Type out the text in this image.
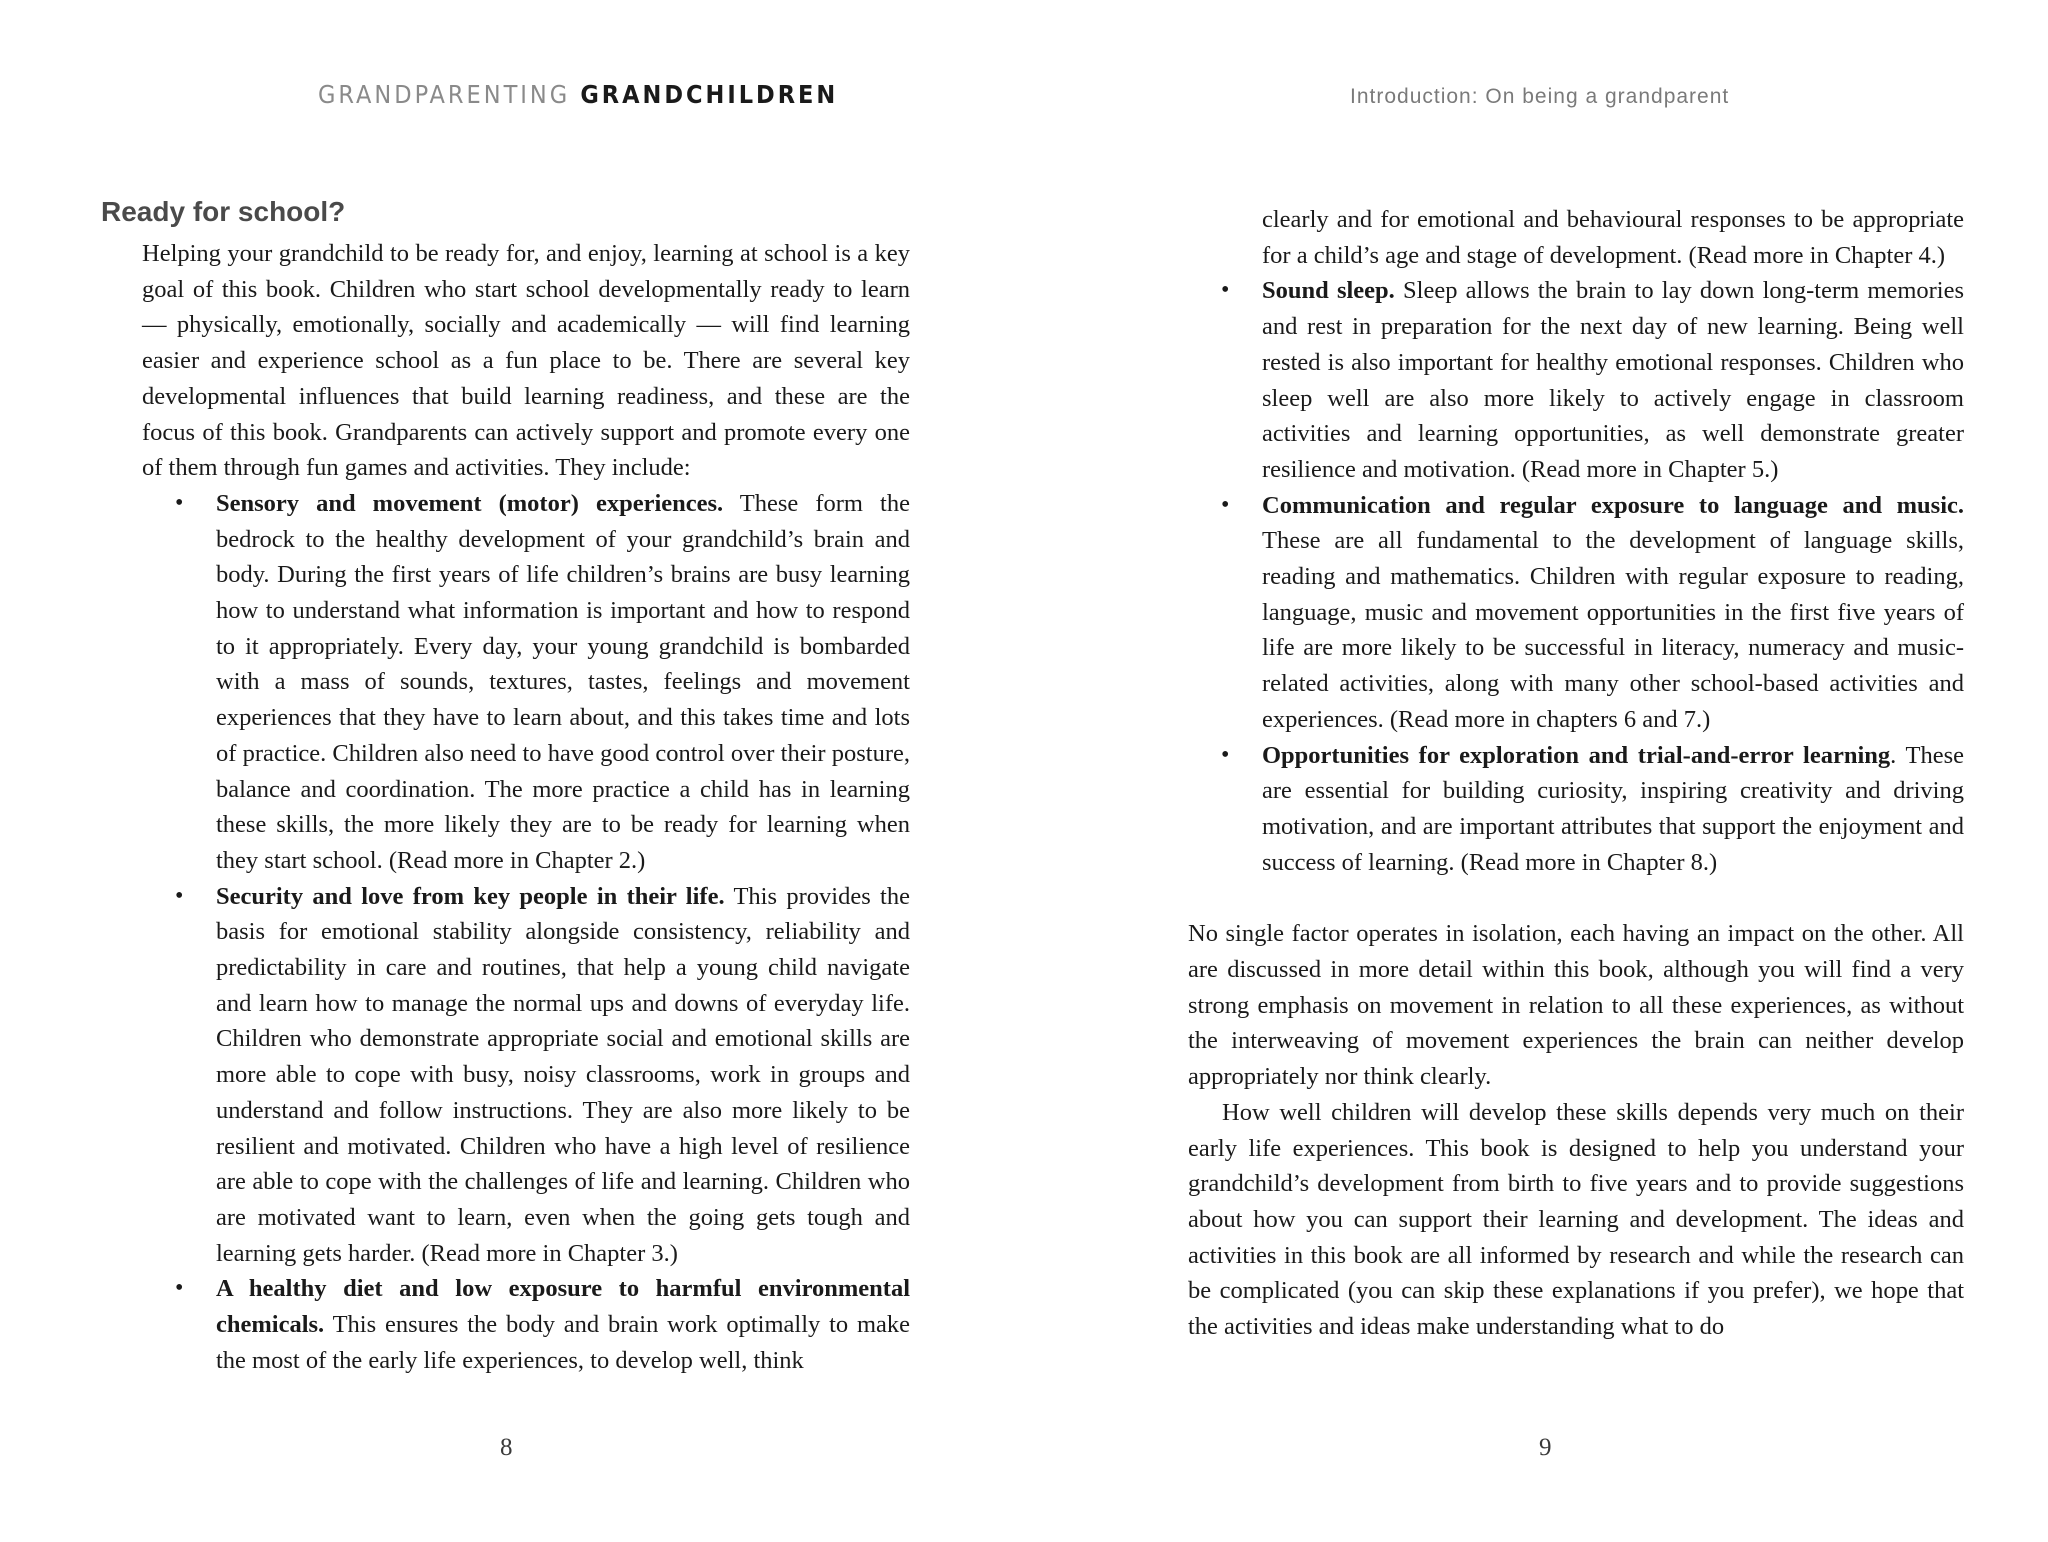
GRANDPARENTING GRANDCHILDREN
Ready for school?

Helping your grandchild to be ready for, and enjoy, learning at school is a key goal of this book. Children who start school developmentally ready to learn — physically, emotionally, socially and academically — will find learning easier and experience school as a fun place to be. There are several key developmental influences that build learning readiness, and these are the focus of this book. Grandparents can actively support and promote every one of them through fun games and activities. They include:

• Sensory and movement (motor) experiences. These form the bedrock to the healthy development of your grandchild’s brain and body. During the first years of life children’s brains are busy learning how to understand what information is important and how to respond to it appropriately. Every day, your young grandchild is bombarded with a mass of sounds, textures, tastes, feelings and movement experiences that they have to learn about, and this takes time and lots of practice. Children also need to have good control over their posture, balance and coordination. The more practice a child has in learning these skills, the more likely they are to be ready for learning when they start school. (Read more in Chapter 2.)
• Security and love from key people in their life. This provides the basis for emotional stability alongside consistency, reliability and predictability in care and routines, that help a young child navigate and learn how to manage the normal ups and downs of everyday life. Children who demonstrate appropriate social and emotional skills are more able to cope with busy, noisy classrooms, work in groups and understand and follow instructions. They are also more likely to be resilient and motivated. Children who have a high level of resilience are able to cope with the challenges of life and learning. Children who are motivated want to learn, even when the going gets tough and learning gets harder. (Read more in Chapter 3.)
• A healthy diet and low exposure to harmful environmental chemicals. This ensures the body and brain work optimally to make the most of the early life experiences, to develop well, think
8
Introduction: On being a grandparent
clearly and for emotional and behavioural responses to be appropriate for a child’s age and stage of development. (Read more in Chapter 4.)
• Sound sleep. Sleep allows the brain to lay down long-term memories and rest in preparation for the next day of new learning. Being well rested is also important for healthy emotional responses. Children who sleep well are also more likely to actively engage in classroom activities and learning opportunities, as well demonstrate greater resilience and motivation. (Read more in Chapter 5.)
• Communication and regular exposure to language and music. These are all fundamental to the development of language skills, reading and mathematics. Children with regular exposure to reading, language, music and movement opportunities in the first five years of life are more likely to be successful in literacy, numeracy and music-related activities, along with many other school-based activities and experiences. (Read more in chapters 6 and 7.)
• Opportunities for exploration and trial-and-error learning. These are essential for building curiosity, inspiring creativity and driving motivation, and are important attributes that support the enjoyment and success of learning. (Read more in Chapter 8.)

No single factor operates in isolation, each having an impact on the other. All are discussed in more detail within this book, although you will find a very strong emphasis on movement in relation to all these experiences, as without the interweaving of movement experiences the brain can neither develop appropriately nor think clearly.

How well children will develop these skills depends very much on their early life experiences. This book is designed to help you understand your grandchild’s development from birth to five years and to provide suggestions about how you can support their learning and development. The ideas and activities in this book are all informed by research and while the research can be complicated (you can skip these explanations if you prefer), we hope that the activities and ideas make understanding what to do

9
